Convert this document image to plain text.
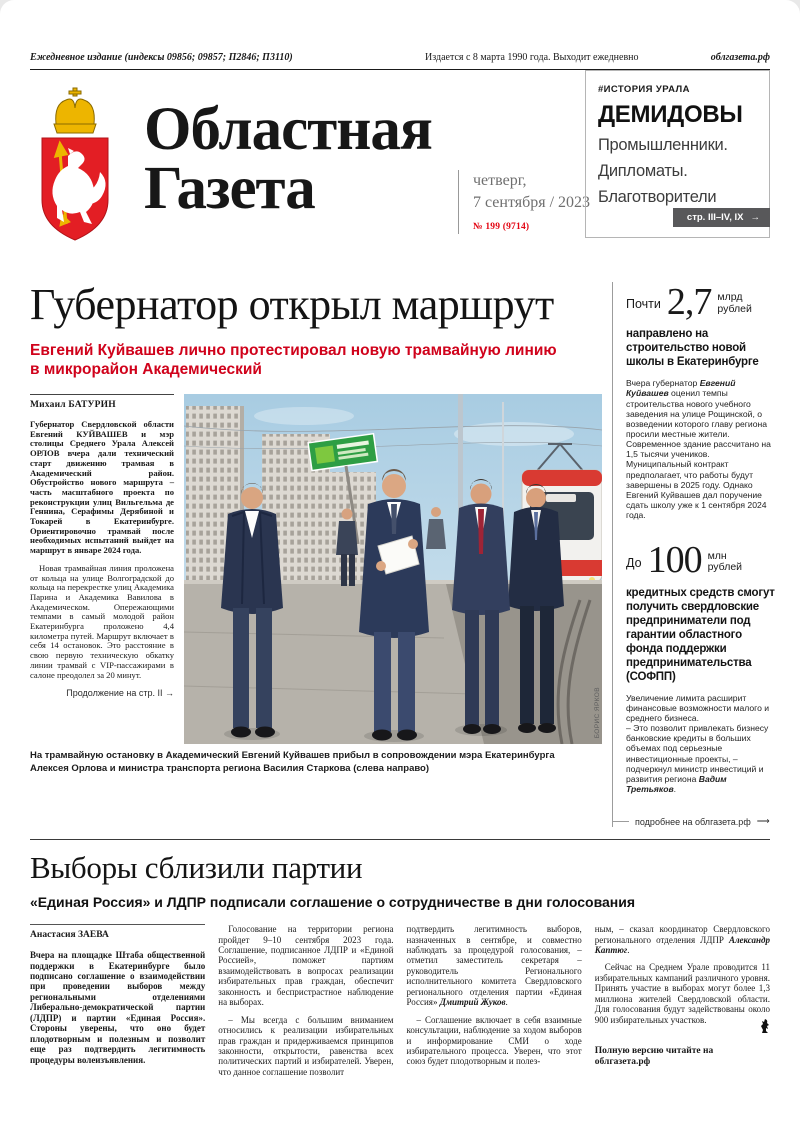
Ежедневное издание (индексы 09856; 09857; П2846; П3110)	Издается с 8 марта 1990 года. Выходит ежедневно	облгазета.рф
Областная
Газета	четверг,
7 сентября / 2023
№ 199 (9714)
#ИСТОРИЯ УРАЛА
ДЕМИДОВЫ
Промышленники.
Дипломаты.
Благотворители
стр. III–IV, IX →
Губернатор открыл маршрут
Евгений Куйвашев лично протестировал новую трамвайную линию в микрорайон Академический
Михаил БАТУРИН

Губернатор Свердловской области Евгений КУЙВАШЕВ и мэр столицы Среднего Урала Алексей ОРЛОВ вчера дали технический старт движению трамвая в Академический район. Обустройство нового маршрута – часть масштабного проекта по реконструкции улиц Вильгельма де Геннина, Серафимы Дерябиной и Токарей в Екатеринбурге. Ориентировочно трамвай после необходимых испытаний выйдет на маршрут в январе 2024 года.

Новая трамвайная линия проложена от кольца на улице Волгоградской до кольца на перекрестке улиц Академика Парина и Академика Вавилова в Академическом. Опережающими темпами в самый молодой район Екатеринбурга проложено 4,4 километра путей. Маршрут включает в себя 14 остановок. Это расстояние в свою первую техническую обкатку линии трамвай с VIP-пассажирами в салоне преодолел за 20 минут.

Продолжение на стр. II →	БОРИС ЯРКОВ
На трамвайную остановку в Академический Евгений Куйвашев прибыл в сопровождении мэра Екатеринбурга Алексея Орлова и министра транспорта региона Василия Старкова (слева направо)
Почти 2,7 млрд
рублей
направлено на строительство новой школы в Екатеринбурге
Вчера губернатор Евгений Куйвашев оценил темпы строительства нового учебного заведения на улице Рощинской, о возведении которого главу региона просили местные жители. Современное здание рассчитано на 1,5 тысячи учеников. Муниципальный контракт предполагает, что работы будут завершены в 2025 году. Однако Евгений Куйвашев дал поручение сдать школу уже к 1 сентября 2024 года.
До 100 млн
рублей
кредитных средств смогут получить свердловские предприниматели под гарантии областного фонда поддержки предпринимательства (СОФПП)

Увеличение лимита расширит финансовые возможности малого и среднего бизнеса.

– Это позволит привлекать бизнесу банковские кредиты в больших объемах под серьезные инвестиционные проекты, – подчеркнул министр инвестиций и развития региона Вадим Третьяков.

подробнее на облгазета.рф ⟶
Выборы сблизили партии
«Единая Россия» и ЛДПР подписали соглашение о сотрудничестве в дни голосования
Анастасия ЗАЕВА

Вчера на площадке Штаба общественной поддержки в Екатеринбурге было подписано соглашение о взаимодействии при проведении выборов между региональными отделениями Либерально-демократической партии (ЛДПР) и партии «Единая Россия». Стороны уверены, что оно будет плодотворным и полезным и позволит еще раз подтвердить легитимность процедуры волеизъявления.

Голосование на территории региона пройдет 9–10 сентября 2023 года. Соглашение, подписанное ЛДПР и «Единой Россией», поможет партиям взаимодействовать в вопросах реализации избирательных прав граждан, обеспечит законность и беспристрастное наблюдение на выборах.

– Мы всегда с большим вниманием относились к реализации избирательных прав граждан и придерживаемся принципов законности, открытости, равенства всех политических партий и избирателей. Уверен, что данное соглашение позволит

подтвердить легитимность выборов, назначенных в сентябре, и совместно наблюдать за процедурой голосования, – отметил заместитель секретаря – руководитель Регионального исполнительного комитета Свердловского регионального отделения партии «Единая Россия» Дмитрий Жуков.

– Соглашение включает в себя взаимные консультации, наблюдение за ходом выборов и информирование СМИ о ходе избирательного процесса. Уверен, что этот союз будет плодотворным и полез-

ным, – сказал координатор Свердловского регионального отделения ЛДПР Александр Каптюг.

Сейчас на Среднем Урале проводится 11 избирательных кампаний различного уровня. Принять участие в выборах могут более 1,3 миллиона жителей Свердловской области. Для голосования будут задействованы около 900 избирательных участков.

Полную версию читайте на облгазета.рф
